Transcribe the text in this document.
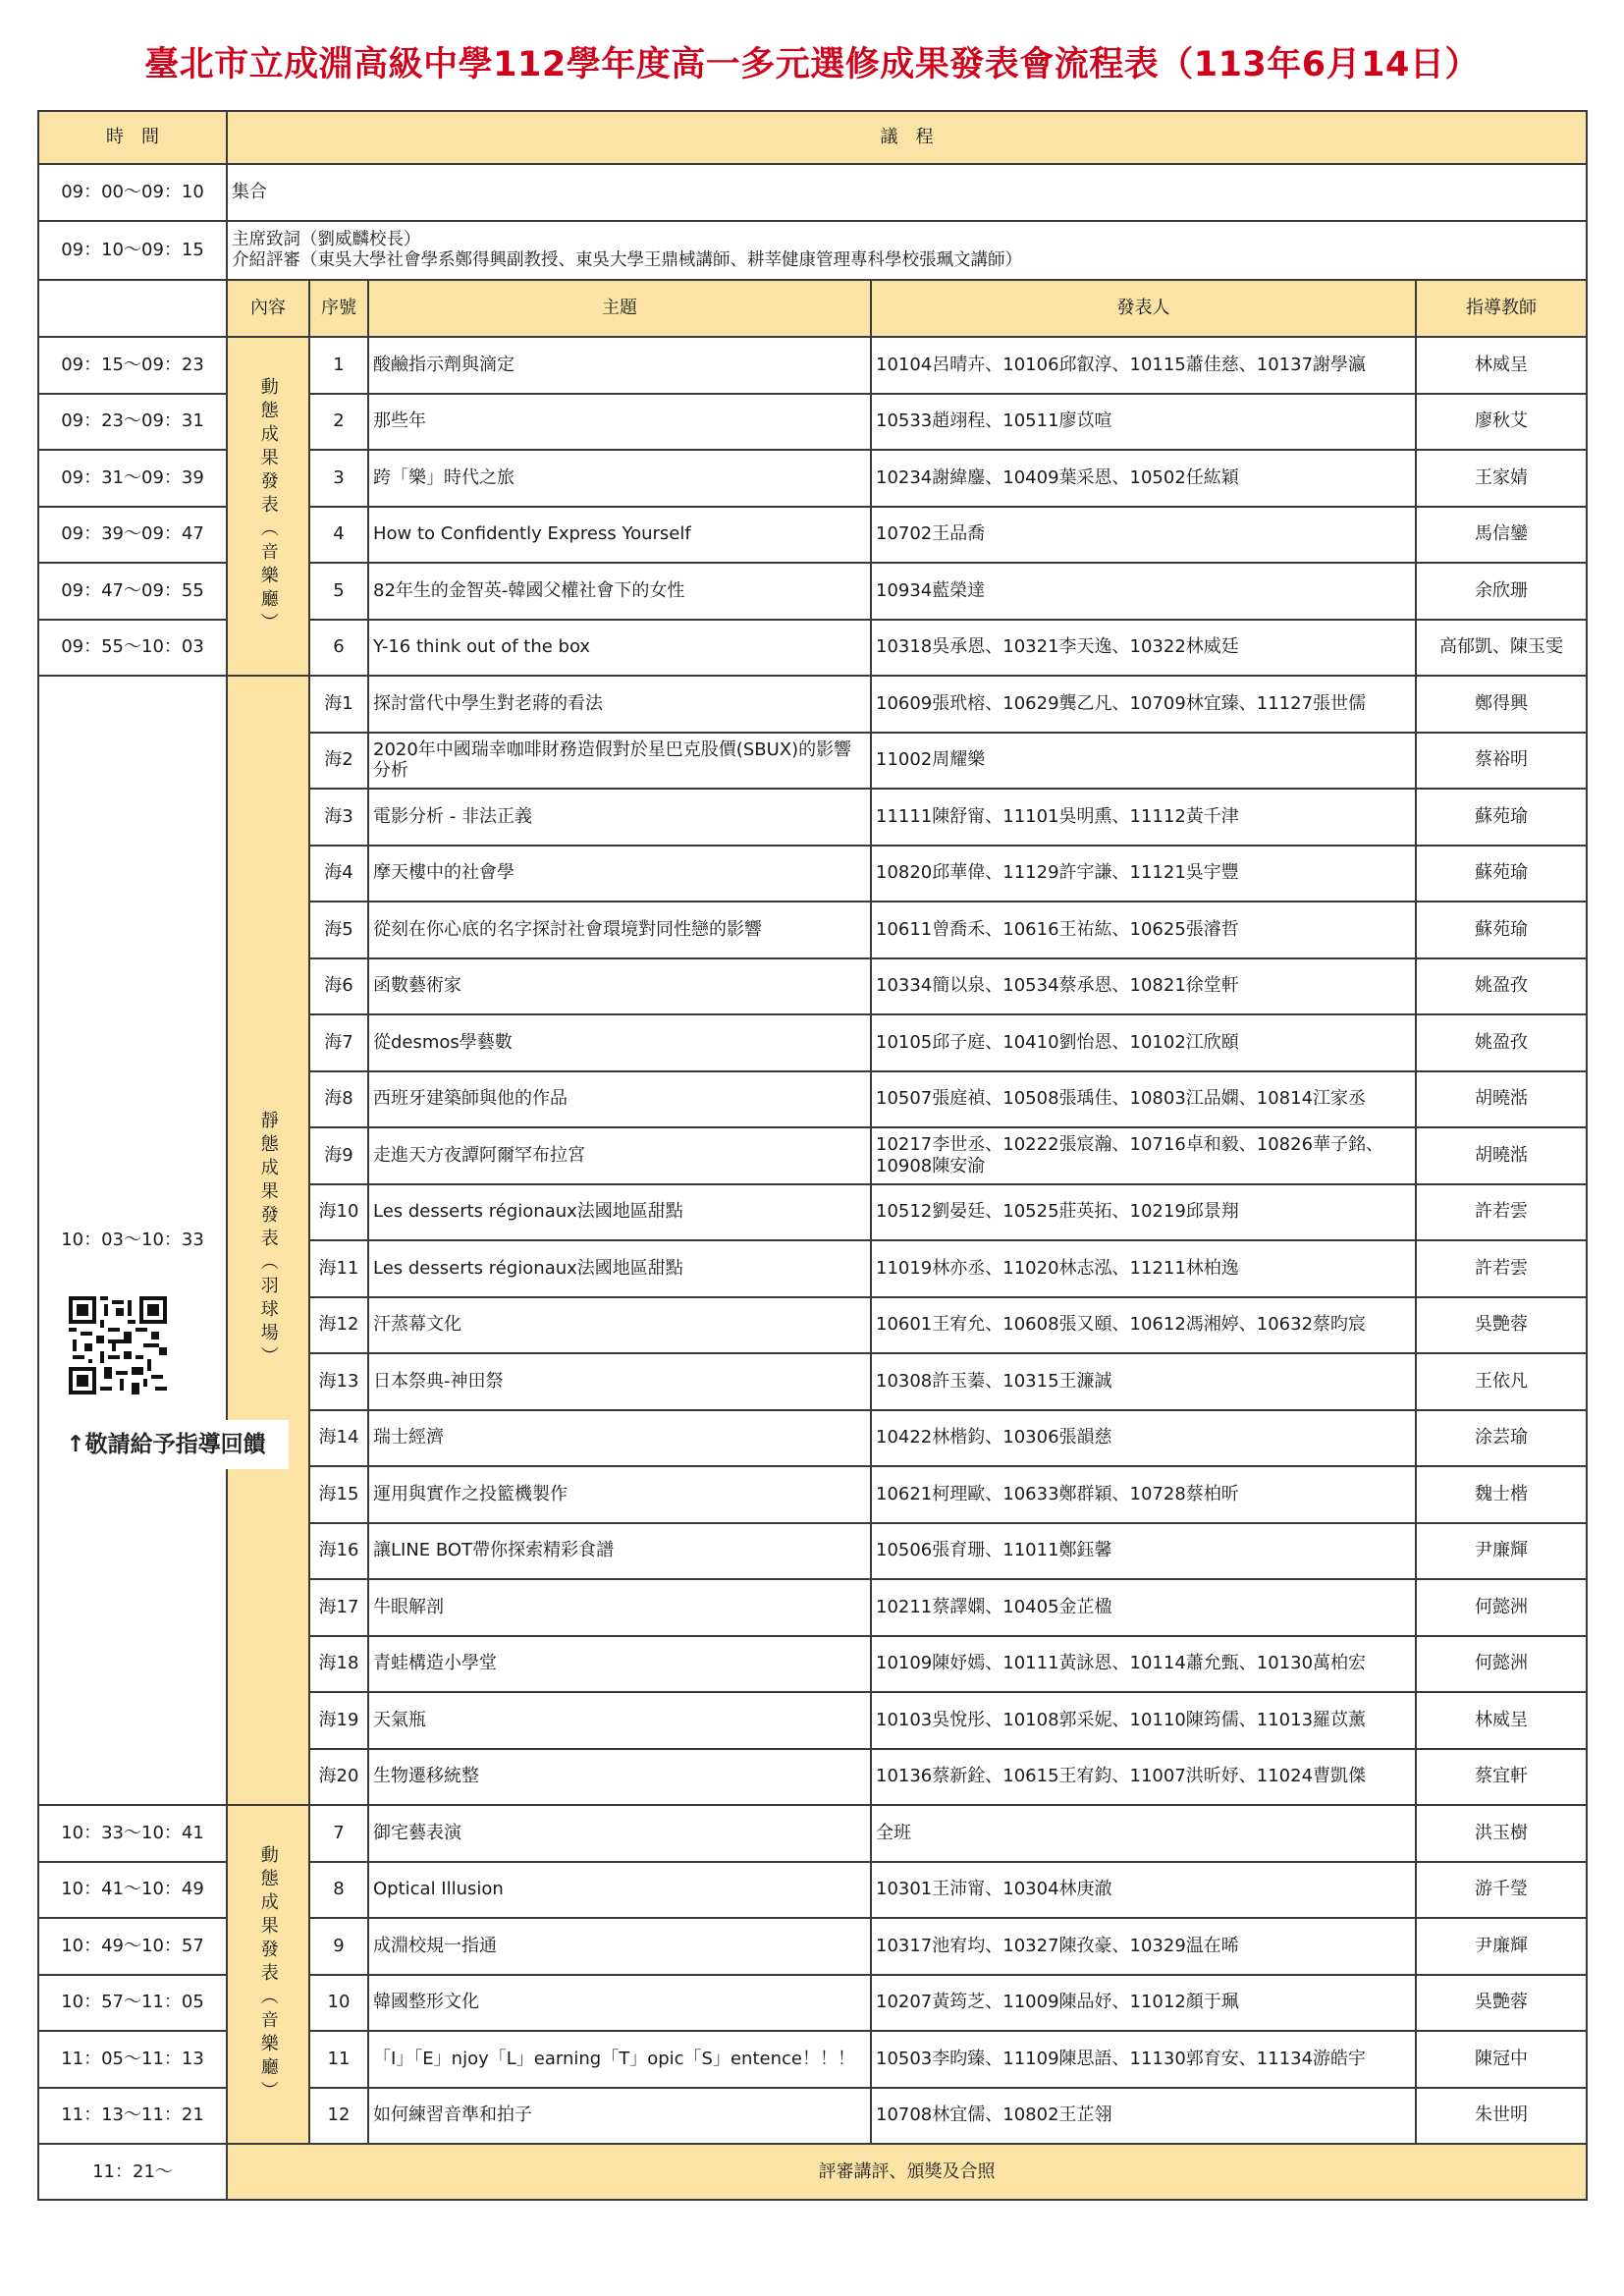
臺北市立成淵高級中學112學年度高一多元選修成果發表會流程表（113年6月14日）
時　間	議　程				
09：00～09：10	集合				
09：10～09：15	主席致詞（劉威麟校長）
介紹評審（東吳大學社會學系鄭得興副教授、東吳大學王鼎棫講師、耕莘健康管理專科學校張珮文講師）				

	內容	序號	主題	發表人	指導教師
09：15～09：23	動態成果發表（音樂廳）	1	酸鹼指示劑與滴定	10104呂晴卉、10106邱叡淳、10115蕭佳慈、10137謝學瀛	林威呈
09：23～09：31		2	那些年	10533趙翊程、10511廖苡喧	廖秋艾
09：31～09：39		3	跨「樂」時代之旅	10234謝緯鏖、10409葉采恩、10502任紘穎	王家婧
09：39～09：47		4	How to Confidently Express Yourself	10702王品喬	馬信鑾
09：47～09：55		5	82年生的金智英-韓國父權社會下的女性	10934藍榮達	余欣珊
09：55～10：03		6	Y-16 think out of the box	10318吳承恩、10321李天逸、10322林威廷	高郁凱、陳玉雯
10：03～10：33	靜態成果發表（羽球場）	海1	探討當代中學生對老蔣的看法	10609張玳榕、10629龔乙凡、10709林宜臻、11127張世儒	鄭得興
		海2	2020年中國瑞幸咖啡財務造假對於星巴克股價(SBUX)的影響分析	11002周耀樂	蔡裕明
		海3	電影分析 - 非法正義	11111陳舒甯、11101吳明熏、11112黃千津	蘇苑瑜
		海4	摩天樓中的社會學	10820邱華偉、11129許宇謙、11121吳宇豐	蘇苑瑜
		海5	從刻在你心底的名字探討社會環境對同性戀的影響	10611曾喬禾、10616王祐紘、10625張濬哲	蘇苑瑜
		海6	函數藝術家	10334簡以泉、10534蔡承恩、10821徐堂軒	姚盈孜
		海7	從desmos學藝數	10105邱子庭、10410劉怡恩、10102江欣頤	姚盈孜
		海8	西班牙建築師與他的作品	10507張庭禎、10508張瑀佳、10803江品嫻、10814江家丞	胡曉湉
		海9	走進天方夜譚阿爾罕布拉宮	10217李世丞、10222張宸瀚、10716卓和毅、10826華子銘、10908陳安渝	胡曉湉
		海10	Les desserts régionaux法國地區甜點	10512劉晏廷、10525莊英拓、10219邱景翔	許若雲
		海11	Les desserts régionaux法國地區甜點	11019林亦丞、11020林志泓、11211林柏逸	許若雲
		海12	汗蒸幕文化	10601王宥允、10608張又頤、10612馮湘婷、10632蔡昀宸	吳艷蓉
		海13	日本祭典-神田祭	10308許玉蓁、10315王濂誠	王依凡
		海14	瑞士經濟	10422林楷鈞、10306張韻慈	涂芸瑜
		海15	運用與實作之投籃機製作	10621柯理歐、10633鄭群穎、10728蔡柏昕	魏士楷
		海16	讓LINE BOT帶你探索精彩食譜	10506張育珊、11011鄭鈺馨	尹廉輝
		海17	牛眼解剖	10211蔡譯嫻、10405金芷楹	何懿洲
		海18	青蛙構造小學堂	10109陳妤嫣、10111黃詠恩、10114蕭允甄、10130萬柏宏	何懿洲
		海19	天氣瓶	10103吳悅彤、10108郭采妮、10110陳筠儒、11013羅苡薰	林威呈
		海20	生物遷移統整	10136蔡新銓、10615王宥鈞、11007洪昕妤、11024曹凱傑	蔡宜軒
10：33～10：41	動態成果發表（音樂廳）	7	御宅藝表演	全班	洪玉樹
10：41～10：49		8	Optical Illusion	10301王沛甯、10304林庚澈	游千瑩
10：49～10：57		9	成淵校規一指通	10317池宥均、10327陳孜豪、10329温在晞	尹廉輝
10：57～11：05		10	韓國整形文化	10207黃筠芝、11009陳品妤、11012顏于珮	吳艷蓉
11：05～11：13		11	「I」「E」njoy「L」earning「T」opic「S」entence！！！	10503李昀臻、11109陳思語、11130郭育安、11134游皓宇	陳冠中
11：13～11：21		12	如何練習音準和拍子	10708林宜儒、10802王芷翎	朱世明
11：21～	評審講評、頒獎及合照				
↑敬請給予指導回饋
